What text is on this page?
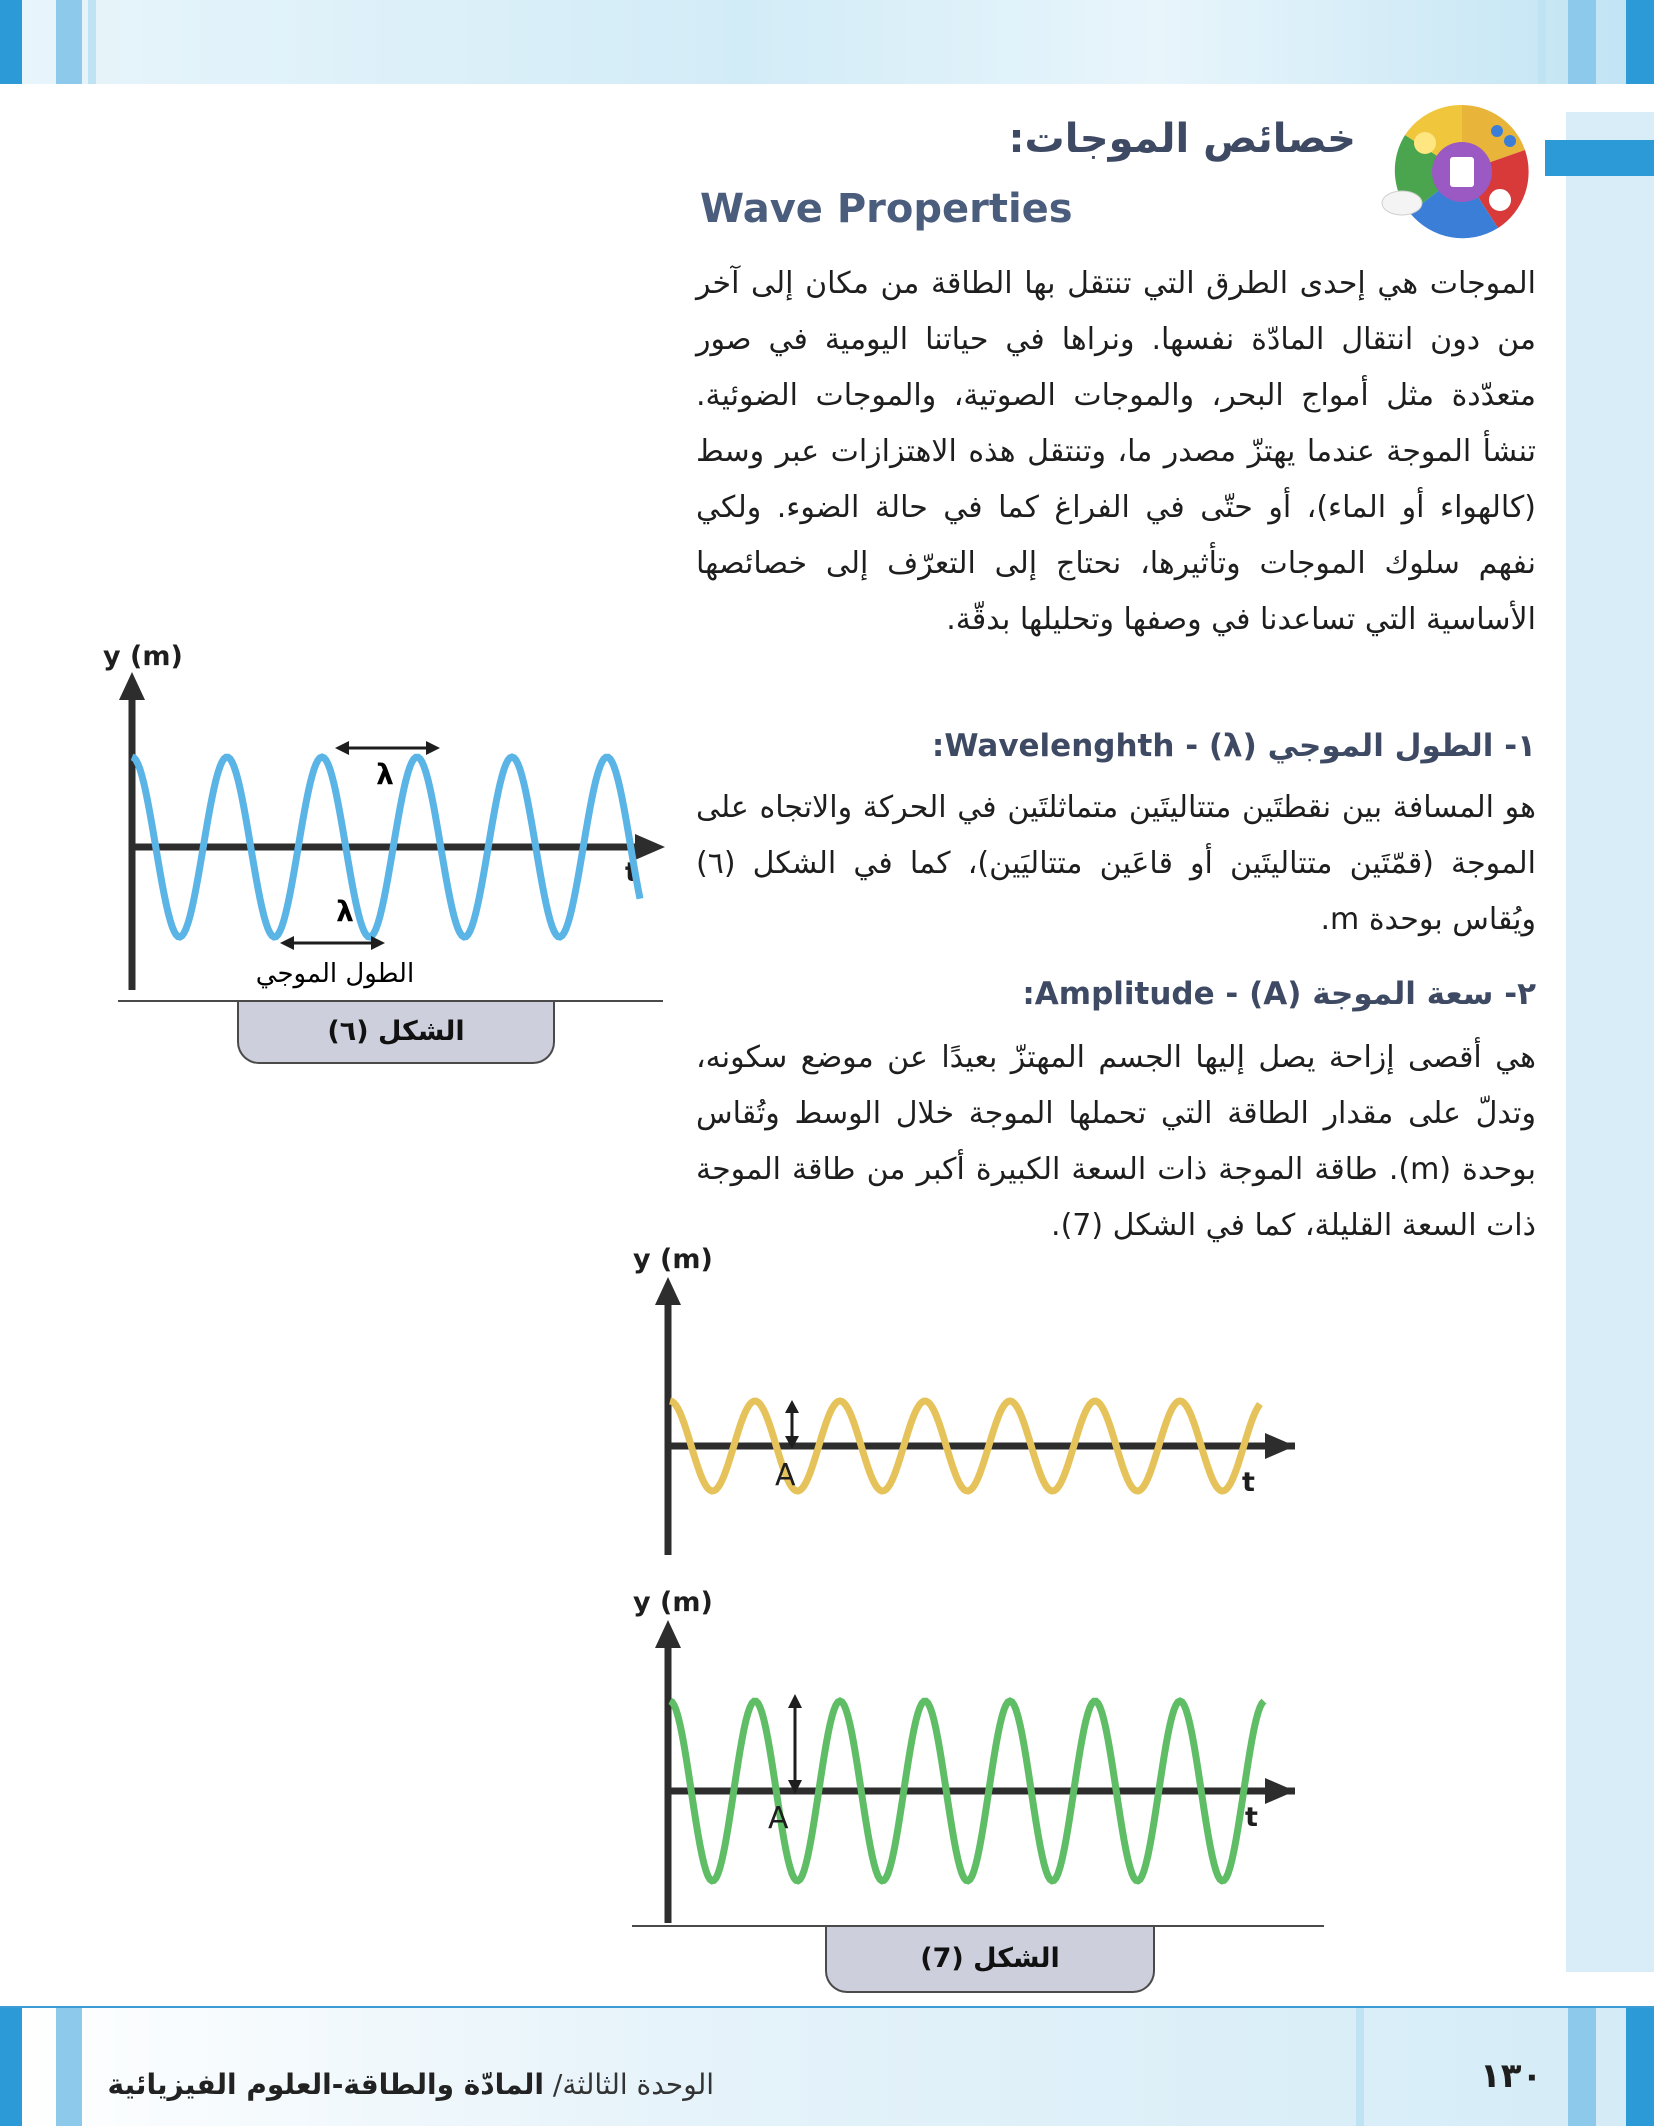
خصائص الموجات:
Wave Properties
الموجات هي إحدى الطرق التي تنتقل بها الطاقة من مكان إلى آخر من دون انتقال المادّة نفسها. ونراها في حياتنا اليومية في صور متعدّدة مثل أمواج البحر، والموجات الصوتية، والموجات الضوئية. تنشأ الموجة عندما يهتزّ مصدر ما، وتنتقل هذه الاهتزازات عبر وسط (كالهواء أو الماء)، أو حتّى في الفراغ كما في حالة الضوء. ولكي نفهم سلوك الموجات وتأثيرها، نحتاج إلى التعرّف إلى خصائصها الأساسية التي تساعدنا في وصفها وتحليلها بدقّة.
١- الطول الموجي (λ) - Wavelenghth:
هو المسافة بين نقطتَين متتاليتَين متماثلتَين في الحركة والاتجاه على الموجة (قمّتَين متتاليتَين أو قاعَين متتاليَين)، كما في الشكل (٦) ويُقاس بوحدة m.
٢- سعة الموجة (A) - Amplitude:
هي أقصى إزاحة يصل إليها الجسم المهتزّ بعيدًا عن موضع سكونه، وتدلّ على مقدار الطاقة التي تحملها الموجة خلال الوسط وتُقاس بوحدة (m). طاقة الموجة ذات السعة الكبيرة أكبر من طاقة الموجة ذات السعة القليلة، كما في الشكل (7).
y (m)
t
λ
λ
الطول الموجي
الشكل (٦)
y (m)
t
A
y (m)
t
A
الشكل (7)
الوحدة الثالثة/ المادّة والطاقة-العلوم الفيزيائية	١٣٠
